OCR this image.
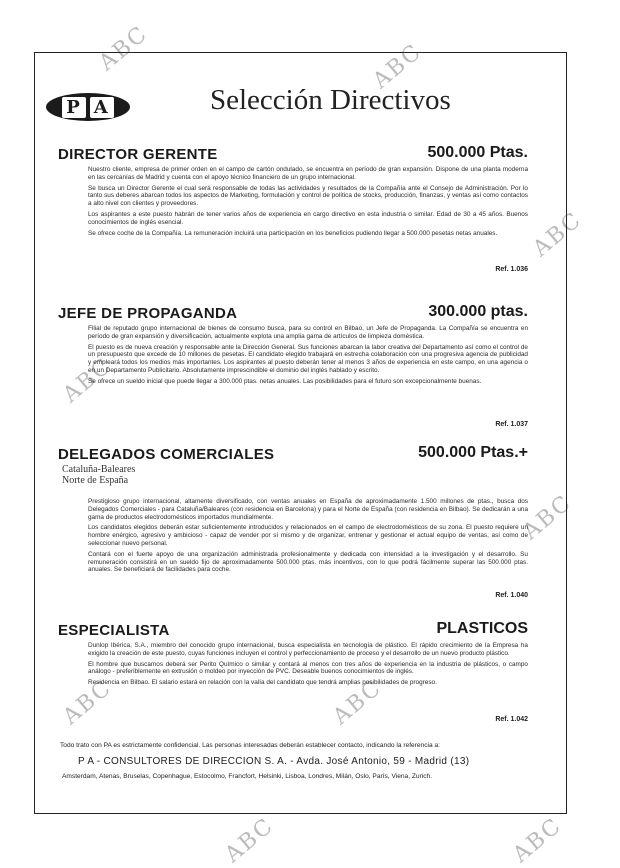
ABC	ABC
ABC
ABC
ABC
ABC	ABC
ABC	ABC
P A	Selección Directivos
DIRECTOR GERENTE	500.000 Ptas.

Nuestro cliente, empresa de primer orden en el campo de cartón ondulado, se encuentra en período de gran expansión. Dispone de una planta moderna en las cercanías de Madrid y cuenta con el apoyo técnico financiero de un grupo internacional.

Se busca un Director Gerente el cual será responsable de todas las actividades y resultados de la Compañía ante el Consejo de Administración. Por lo tanto sus deberes abarcan todos los aspectos de Marketing, formulación y control de política de stocks, producción, finanzas, y ventas así como contactos a alto nivel con clientes y proveedores.

Los aspirantes a este puesto habrán de tener varios años de experiencia en cargo directivo en esta industria o similar. Edad de 30 a 45 años. Buenos conocimientos de inglés esencial.

Se ofrece coche de la Compañía. La remuneración incluirá una participación en los beneficios pudiendo llegar a 500.000 pesetas netas anuales.

Ref. 1.036
JEFE DE PROPAGANDA	300.000 ptas.

Filial de reputado grupo internacional de bienes de consumo busca, para su control en Bilbao, un Jefe de Propaganda. La Compañía se encuentra en período de gran expansión y diversificación, actualmente explota una amplia gama de artículos de limpieza doméstica.

El puesto es de nueva creación y responsable ante la Dirección General. Sus funciones abarcan la labor creativa del Departamento así como el control de un presupuesto que excede de 10 millones de pesetas. El candidato elegido trabajará en estrecha colaboración con una progresiva agencia de publicidad y empleará todos los medios más importantes. Los aspirantes al puesto deberán tener al menos 3 años de experiencia en este campo, en una agencia o en un Departamento Publicitario. Absolutamente imprescindible el dominio del inglés hablado y escrito.

Se ofrece un sueldo inicial que puede llegar a 300.000 ptas. netas anuales. Las posibilidades para el futuro son excepcionalmente buenas.

Ref. 1.037
DELEGADOS COMERCIALES	500.000 Ptas.+
Cataluña-Baleares
Norte de España

Prestigioso grupo internacional, altamente diversificado, con ventas anuales en España de aproximadamente 1.500 millones de ptas., busca dos Delegados Comerciales - para Cataluña/Baleares (con residencia en Barcelona) y para el Norte de España (con residencia en Bilbao). Se dedicarán a una gama de productos electrodomésticos importados mundialmente.

Los candidatos elegidos deberán estar suficientemente introducidos y relacionados en el campo de electrodomésticos de su zona. El puesto requiere un hombre enérgico, agresivo y ambicioso - capaz de vender por sí mismo y de organizar, entrenar y gestionar el actual equipo de ventas, así como de seleccionar nuevo personal.

Contará con el fuerte apoyo de una organización administrada profesionalmente y dedicada con intensidad a la investigación y el desarrollo. Su remuneración consistirá en un sueldo fijo de aproximadamente 500.000 ptas. más incentivos, con lo que podrá fácilmente superar las 500.000 ptas. anuales. Se beneficiará de facilidades para coche.

Ref. 1.040
ESPECIALISTA	PLASTICOS

Dunlop Ibérica, S.A., miembro del conocido grupo internacional, busca especialista en tecnología de plástico. El rápido crecimiento de la Empresa ha exigido la creación de este puesto, cuyas funciones incluyen el control y perfeccionamiento de proceso y el desarrollo de un nuevo producto plástico.

El hombre que buscamos deberá ser Perito Químico o similar y contará al menos con tres años de experiencia en la industria de plásticos, o campo análogo - preferiblemente en extrusión o moldeo por inyección de PVC. Deseable buenos conocimientos de inglés.

Residencia en Bilbao. El salario estará en relación con la valía del candidato que tendrá amplias posibilidades de progreso.

Ref. 1.042
Todo trato con PA es estrictamente confidencial. Las personas interesadas deberán establecer contacto, indicando la referencia a:
P A - CONSULTORES DE DIRECCION S. A. - Avda. José Antonio, 59 - Madrid (13)
Amsterdam, Atenas, Bruselas, Copenhague, Estocolmo, Francfort, Helsinki, Lisboa, Londres, Milán, Oslo, París, Viena, Zurich.
